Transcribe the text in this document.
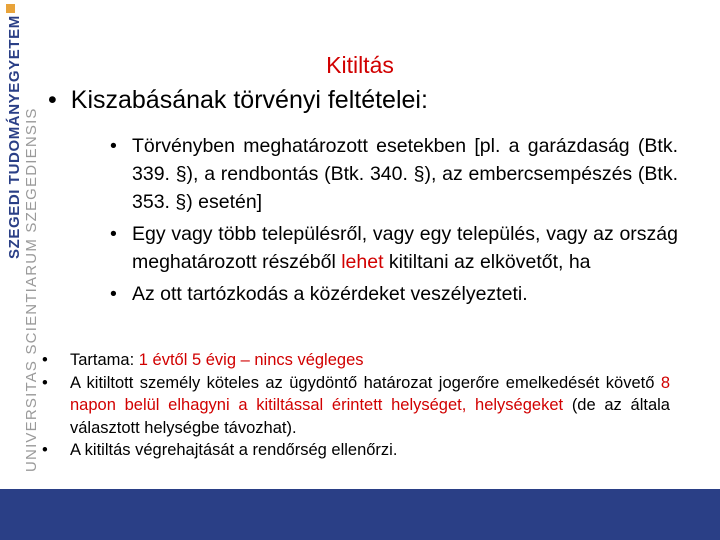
SZEGEDI TUDOMÁNYEGYETEM UNIVERSITAS SCIENTIARUM SZEGEDIENSIS
Kitiltás
• Kiszabásának törvényi feltételei:
• Törvényben meghatározott esetekben [pl. a garázdaság (Btk. 339. §), a rendbontás (Btk. 340. §), az embercsempészés (Btk. 353. §) esetén]
• Egy vagy több településről, vagy egy település, vagy az ország meghatározott részéből lehet kitiltani az elkövetőt, ha
• Az ott tartózkodás a közérdeket veszélyezteti.
•	Tartama: 1 évtől 5 évig – nincs végleges
•	A kitiltott személy köteles az ügydöntő határozat jogerőre emelkedését követő 8 napon belül elhagyni a kitiltással érintett helységet, helységeket (de az általa választott helységbe távozhat).
•	A kitiltás végrehajtását a rendőrség ellenőrzi.
